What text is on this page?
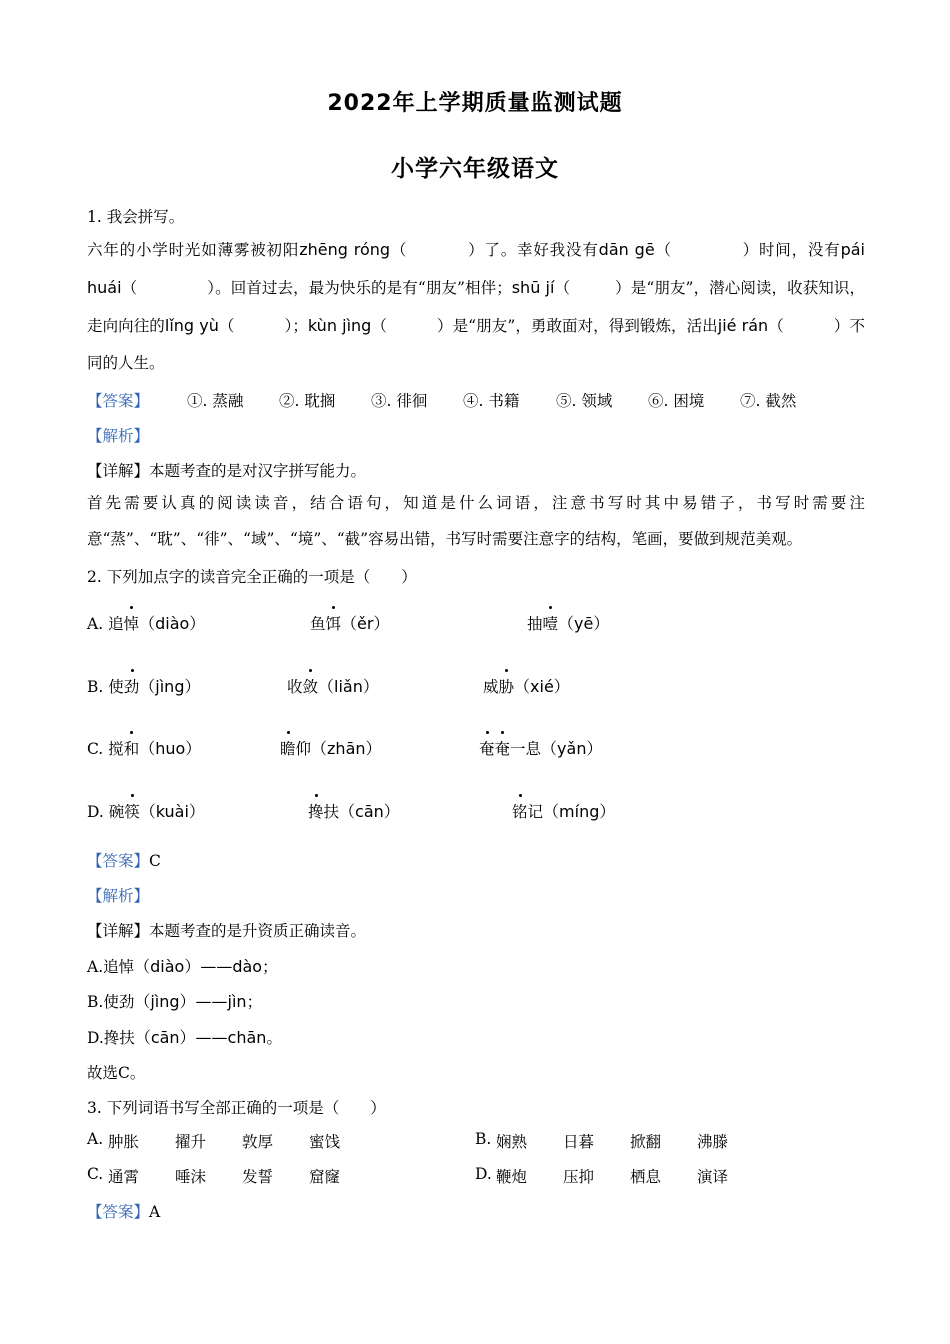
2022年上学期质量监测试题
小学六年级语文
1. 我会拼写。
六年的小学时光如薄雾被初阳zhēng róng（	）了。幸好我没有dān gē（	）时间，没有pái huái（	）。回首过去，最为快乐的是有“朋友”相伴；shū jí（	）是“朋友”，潜心阅读，收获知识，走向向往的lǐng yù（	）；kùn jìng（	）是“朋友”，勇敢面对，得到锻炼，活出jié rán（	）不同的人生。
【答案】 ①. 蒸融 ②. 耽搁 ③. 徘徊 ④. 书籍 ⑤. 领域 ⑥. 困境 ⑦. 截然
【解析】
【详解】本题考查的是对汉字拼写能力。
首先需要认真的阅读读音，结合语句，知道是什么词语，注意书写时其中易错子，书写时需要注意“蒸”、“耽”、“徘”、“域”、“境”、“截”容易出错，书写时需要注意字的结构，笔画，要做到规范美观。
2. 下列加点字的读音完全正确的一项是（　　）
A. 追悼（diào）	鱼饵（ěr）	抽噎（yē）
B. 使劲（jìng）	收敛（liǎn）	威胁（xié）
C. 搅和（huo）	瞻仰（zhān）	奄奄一息（yǎn）
D. 碗筷（kuài）	搀扶（cān）	铭记（míng）
【答案】C
【解析】
【详解】本题考查的是升资质正确读音。
A.追悼（diào）——dào；
B.使劲（jìng）——jìn；
D.搀扶（cān）——chān。
故选C。
3. 下列词语书写全部正确的一项是（　　）
A. 肿胀 擢升 敦厚 蜜饯	B. 娴熟 日暮 掀翻 沸滕
C. 通霄 唾沫 发誓 窟窿	D. 鞭炮 压抑 栖息 演译
【答案】A
